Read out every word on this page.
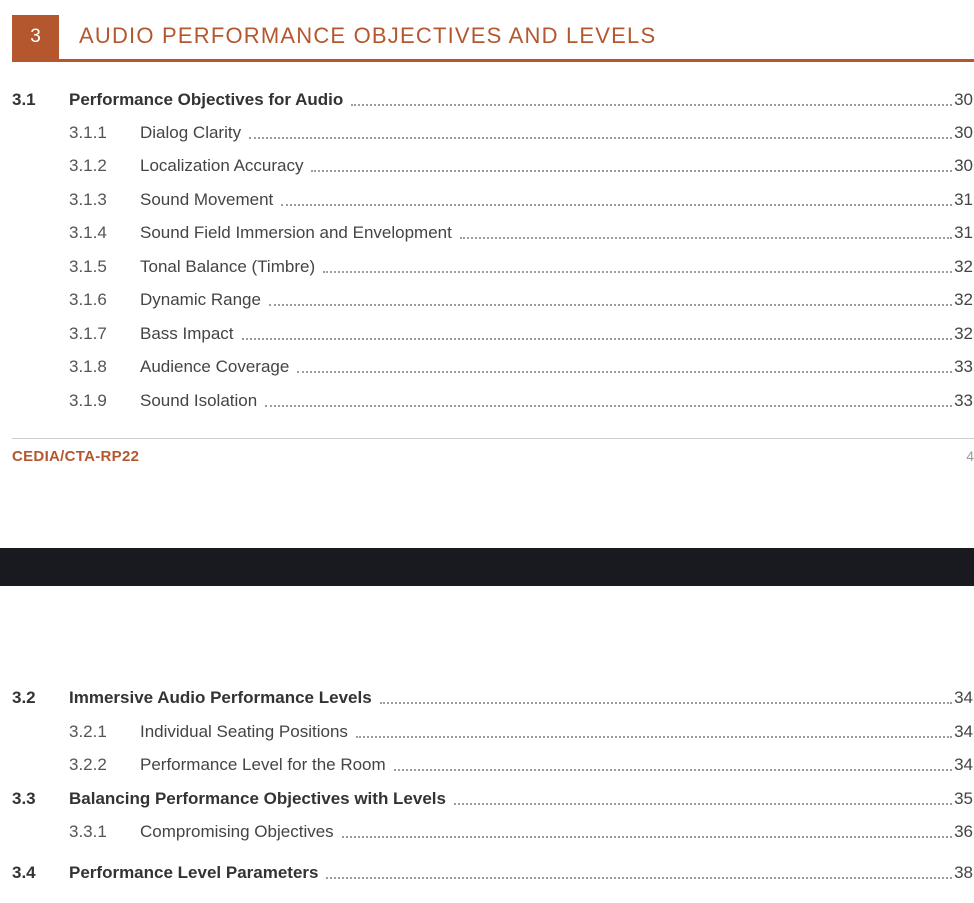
3	AUDIO PERFORMANCE OBJECTIVES AND LEVELS
3.1	Performance Objectives for Audio	30
3.1.1	Dialog Clarity	30
3.1.2	Localization Accuracy	30
3.1.3	Sound Movement	31
3.1.4	Sound Field Immersion and Envelopment	31
3.1.5	Tonal Balance (Timbre)	32
3.1.6	Dynamic Range	32
3.1.7	Bass Impact	32
3.1.8	Audience Coverage	33
3.1.9	Sound Isolation	33
CEDIA/CTA-RP22	4
3.2	Immersive Audio Performance Levels	34
3.2.1	Individual Seating Positions	34
3.2.2	Performance Level for the Room	34
3.3	Balancing Performance Objectives with Levels	35
3.3.1	Compromising Objectives	36
3.4	Performance Level Parameters	38
